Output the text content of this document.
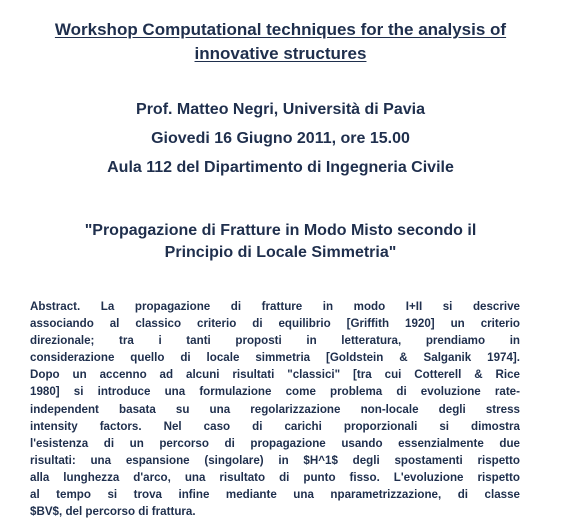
Workshop Computational techniques for the analysis of
innovative structures
Prof. Matteo Negri, Università di Pavia
Giovedi 16 Giugno 2011, ore 15.00
Aula 112 del Dipartimento di Ingegneria Civile
"Propagazione di Fratture in Modo Misto secondo il
Principio di Locale Simmetria"
Abstract. La propagazione di fratture in modo I+II si descrive
associando al classico criterio di equilibrio [Griffith 1920] un criterio
direzionale; tra i tanti proposti in letteratura, prendiamo in
considerazione quello di locale simmetria [Goldstein & Salganik 1974].
Dopo un accenno ad alcuni risultati "classici" [tra cui Cotterell & Rice
1980] si introduce una formulazione come problema di evoluzione rate-
independent basata su una regolarizzazione non-locale degli stress
intensity factors. Nel caso di carichi proporzionali si dimostra
l'esistenza di un percorso di propagazione usando essenzialmente due
risultati: una espansione (singolare) in $H^1$ degli spostamenti rispetto
alla lunghezza d'arco, una risultato di punto fisso. L'evoluzione rispetto
al tempo si trova infine mediante una nparametrizzazione, di classe
$BV$, del percorso di frattura.
